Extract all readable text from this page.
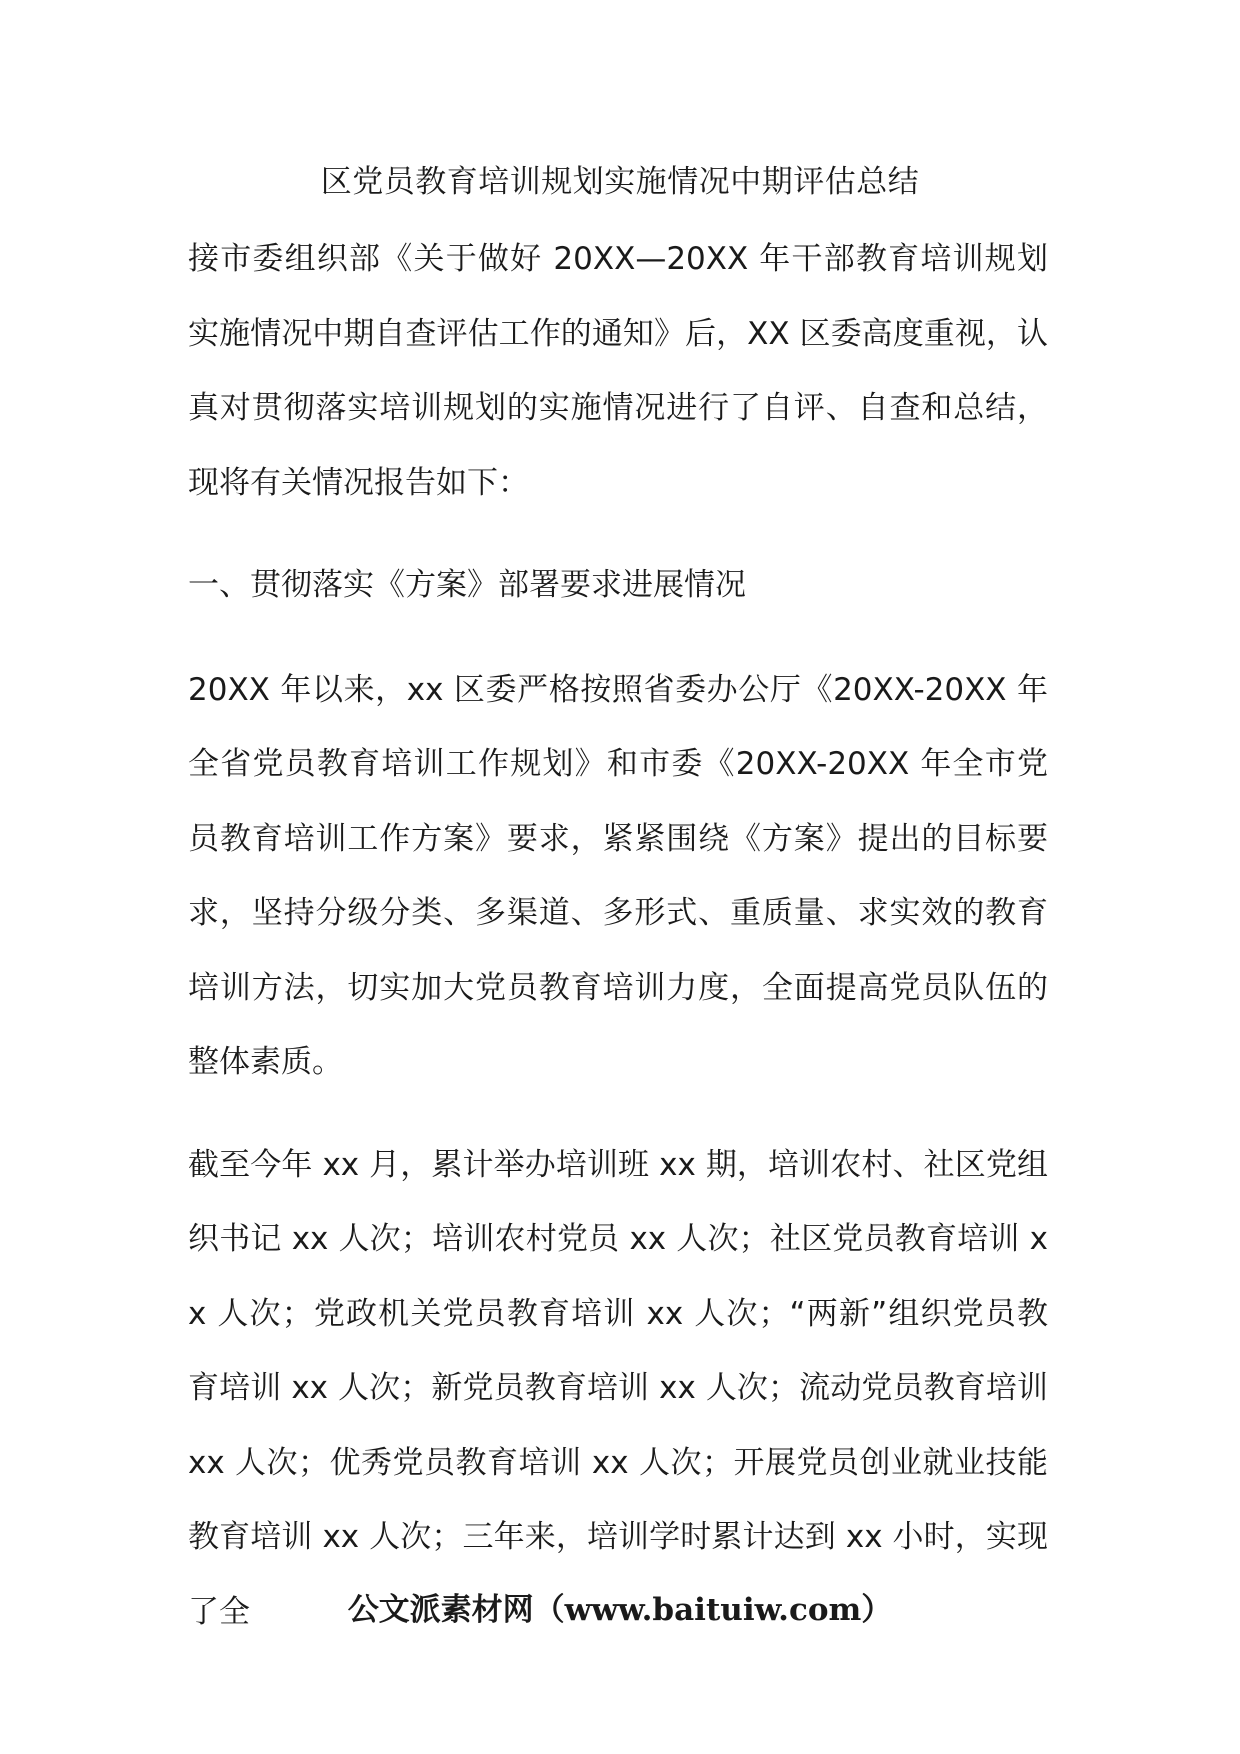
区党员教育培训规划实施情况中期评估总结

接市委组织部《关于做好 20XX—20XX 年干部教育培训规划实施情况中期自查评估工作的通知》后，XX 区委高度重视，认真对贯彻落实培训规划的实施情况进行了自评、自查和总结，现将有关情况报告如下：

一、贯彻落实《方案》部署要求进展情况

20XX 年以来，xx 区委严格按照省委办公厅《20XX-20XX 年全省党员教育培训工作规划》和市委《20XX-20XX 年全市党员教育培训工作方案》要求，紧紧围绕《方案》提出的目标要求，坚持分级分类、多渠道、多形式、重质量、求实效的教育培训方法，切实加大党员教育培训力度，全面提高党员队伍的整体素质。

截至今年 xx 月，累计举办培训班 xx 期，培训农村、社区党组织书记 xx 人次；培训农村党员 xx 人次；社区党员教育培训 xx 人次；党政机关党员教育培训 xx 人次；“两新”组织党员教育培训 xx 人次；新党员教育培训 xx 人次；流动党员教育培训 xx 人次；优秀党员教育培训 xx 人次；开展党员创业就业技能教育培训 xx 人次；三年来，培训学时累计达到 xx 小时，实现了全	公文派素材网（www.baituiw.com）
